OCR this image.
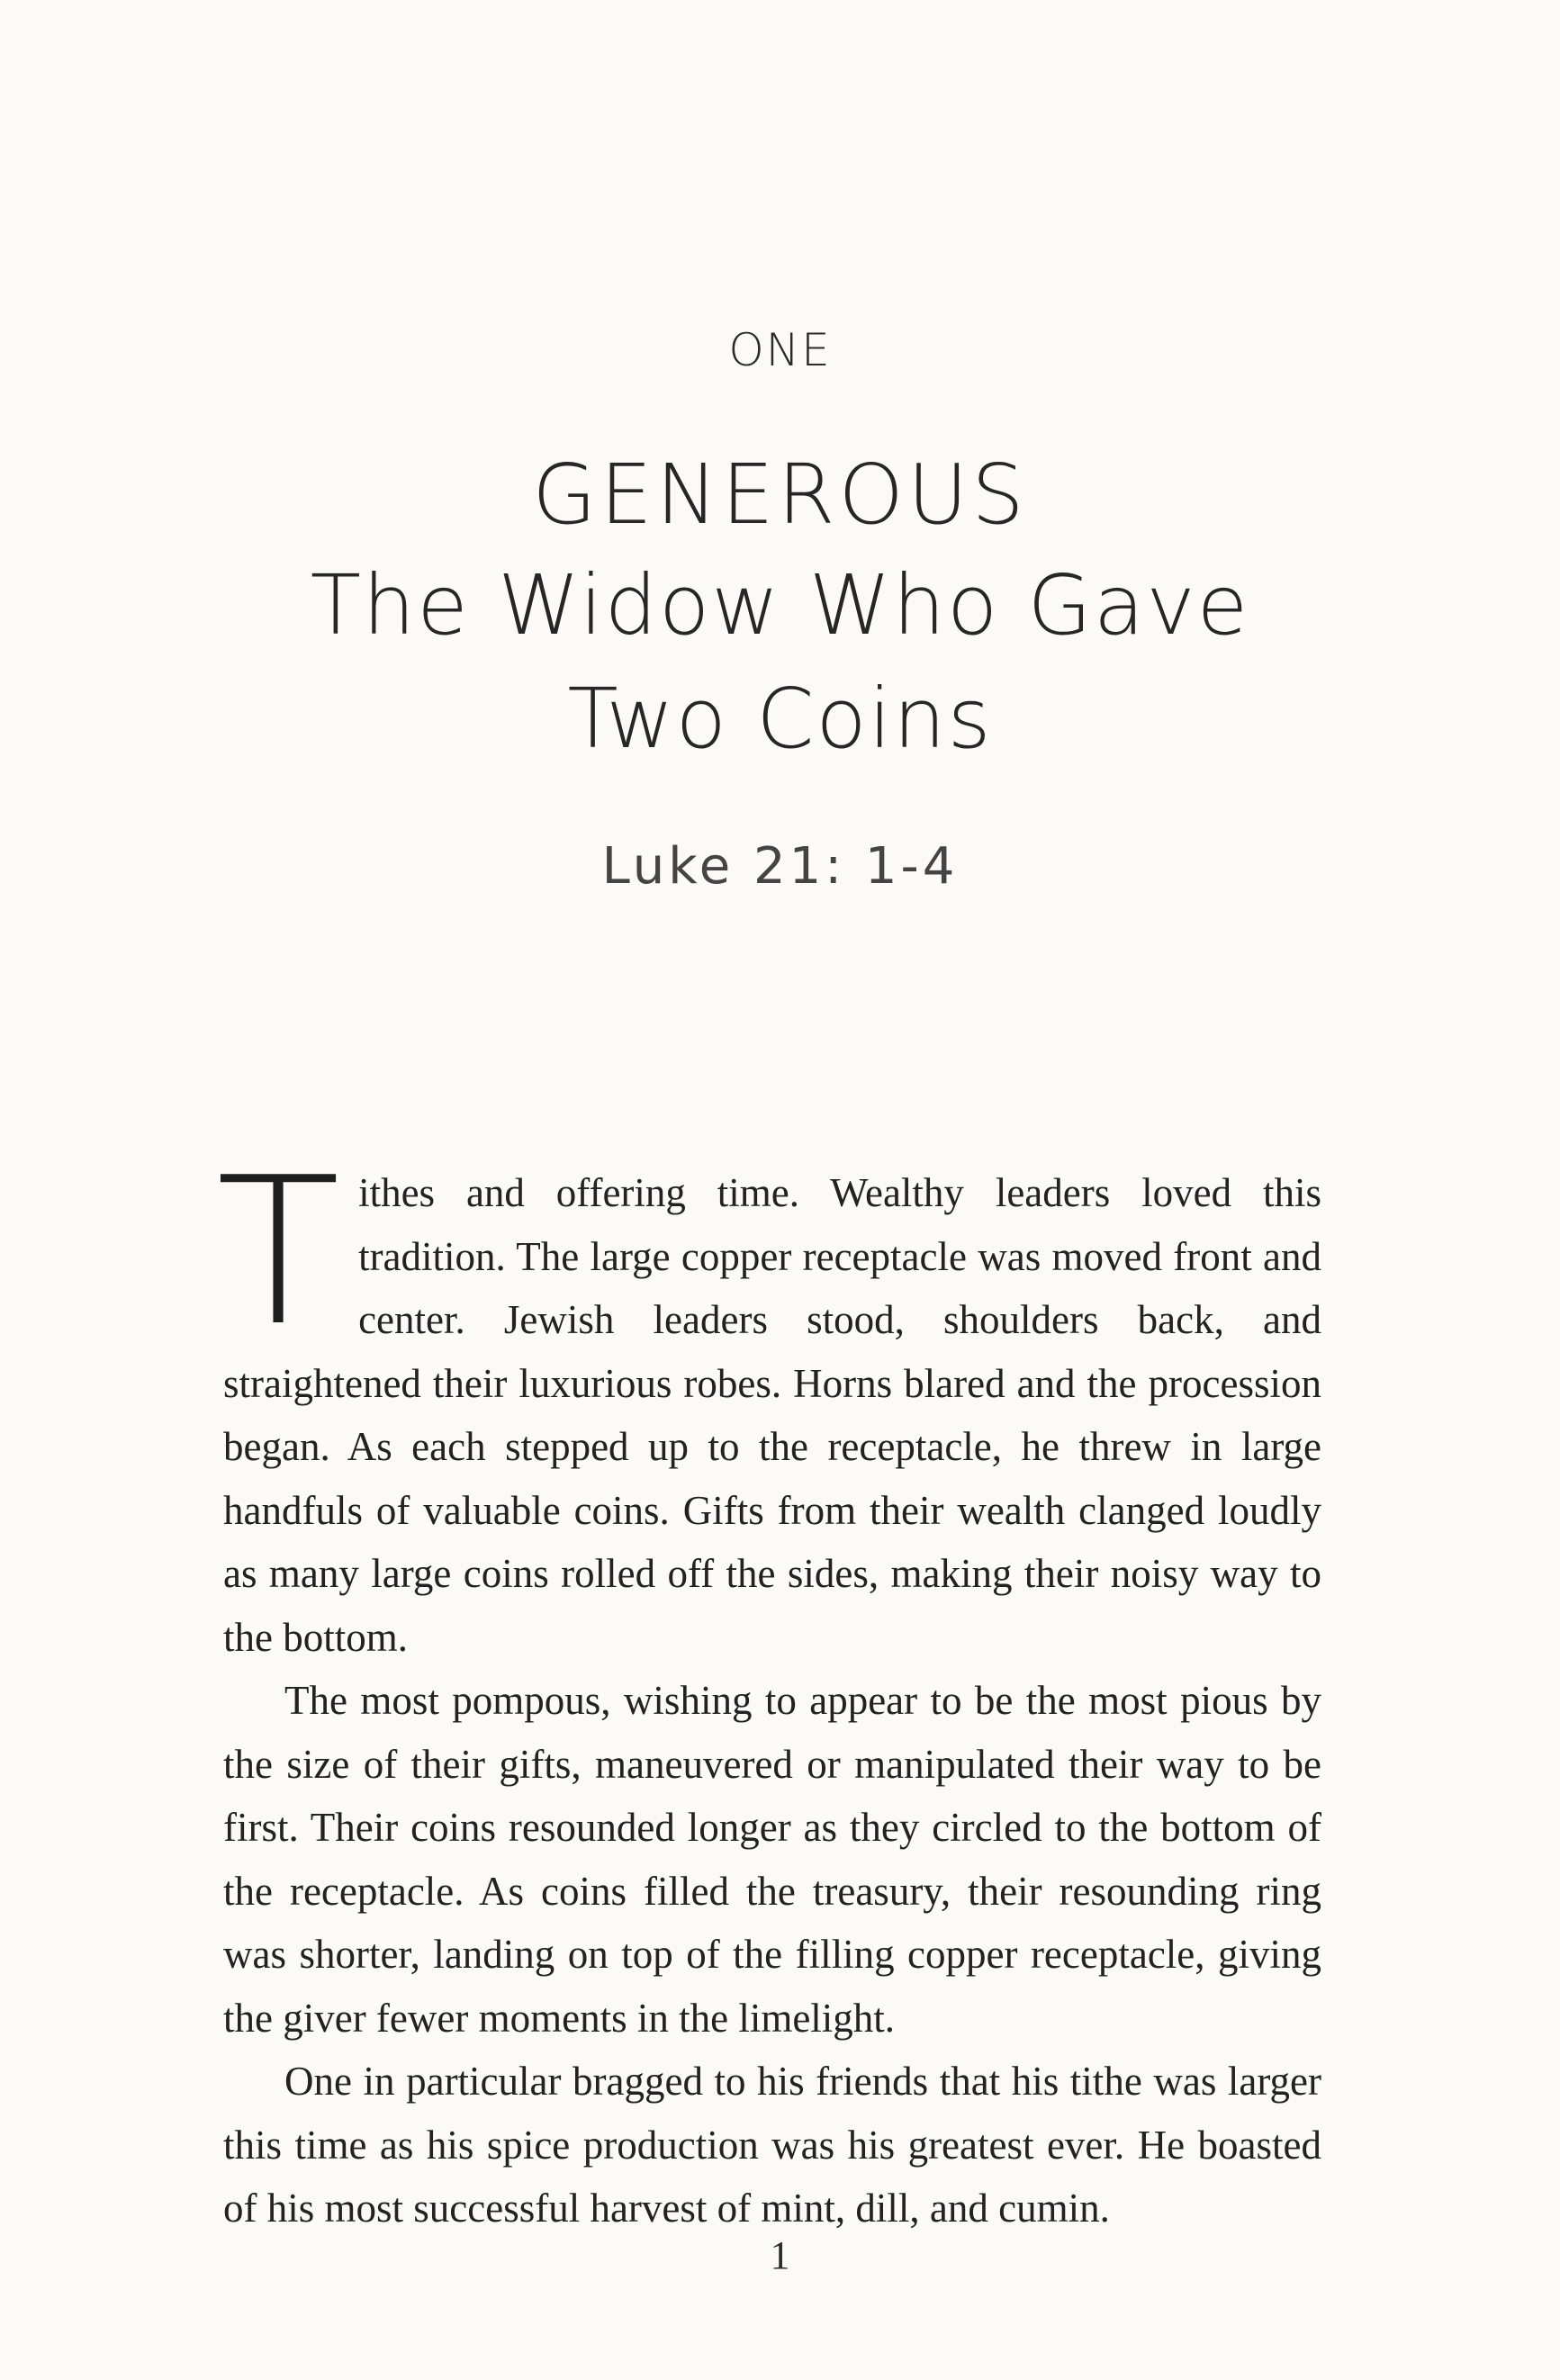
ONE
GENEROUS
The Widow Who Gave
Two Coins
Luke 21: 1-4

Tithes and offering time. Wealthy leaders loved this tradition. The large copper receptacle was moved front and center. Jewish leaders stood, shoulders back, and straightened their luxurious robes. Horns blared and the procession began. As each stepped up to the receptacle, he threw in large handfuls of valuable coins. Gifts from their wealth clanged loudly as many large coins rolled off the sides, making their noisy way to the bottom.

The most pompous, wishing to appear to be the most pious by the size of their gifts, maneuvered or manipulated their way to be first. Their coins resounded longer as they circled to the bottom of the receptacle. As coins filled the treasury, their resounding ring was shorter, landing on top of the filling copper receptacle, giving the giver fewer moments in the limelight.

One in particular bragged to his friends that his tithe was larger this time as his spice production was his greatest ever. He boasted of his most successful harvest of mint, dill, and cumin.

1
